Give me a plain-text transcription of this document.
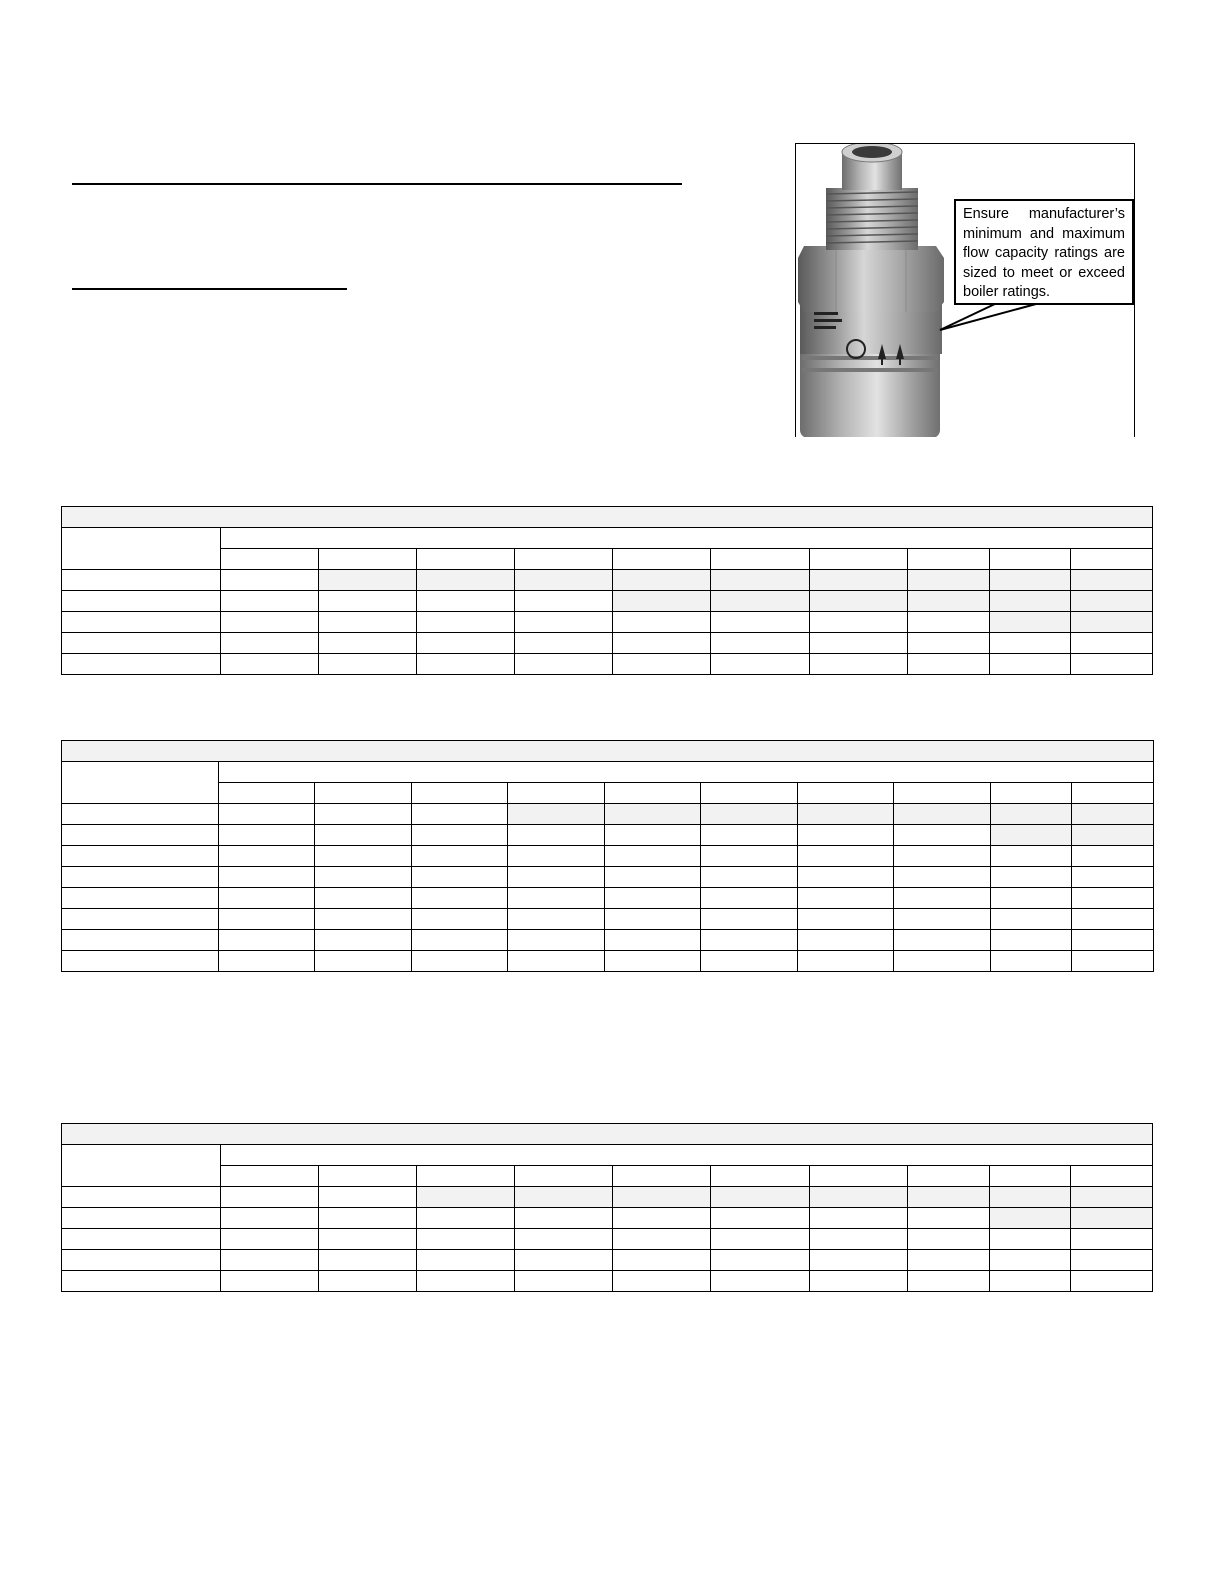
Ensure manufacturer’s minimum and maximum flow capacity ratings are sized to meet or exceed boiler ratings.
